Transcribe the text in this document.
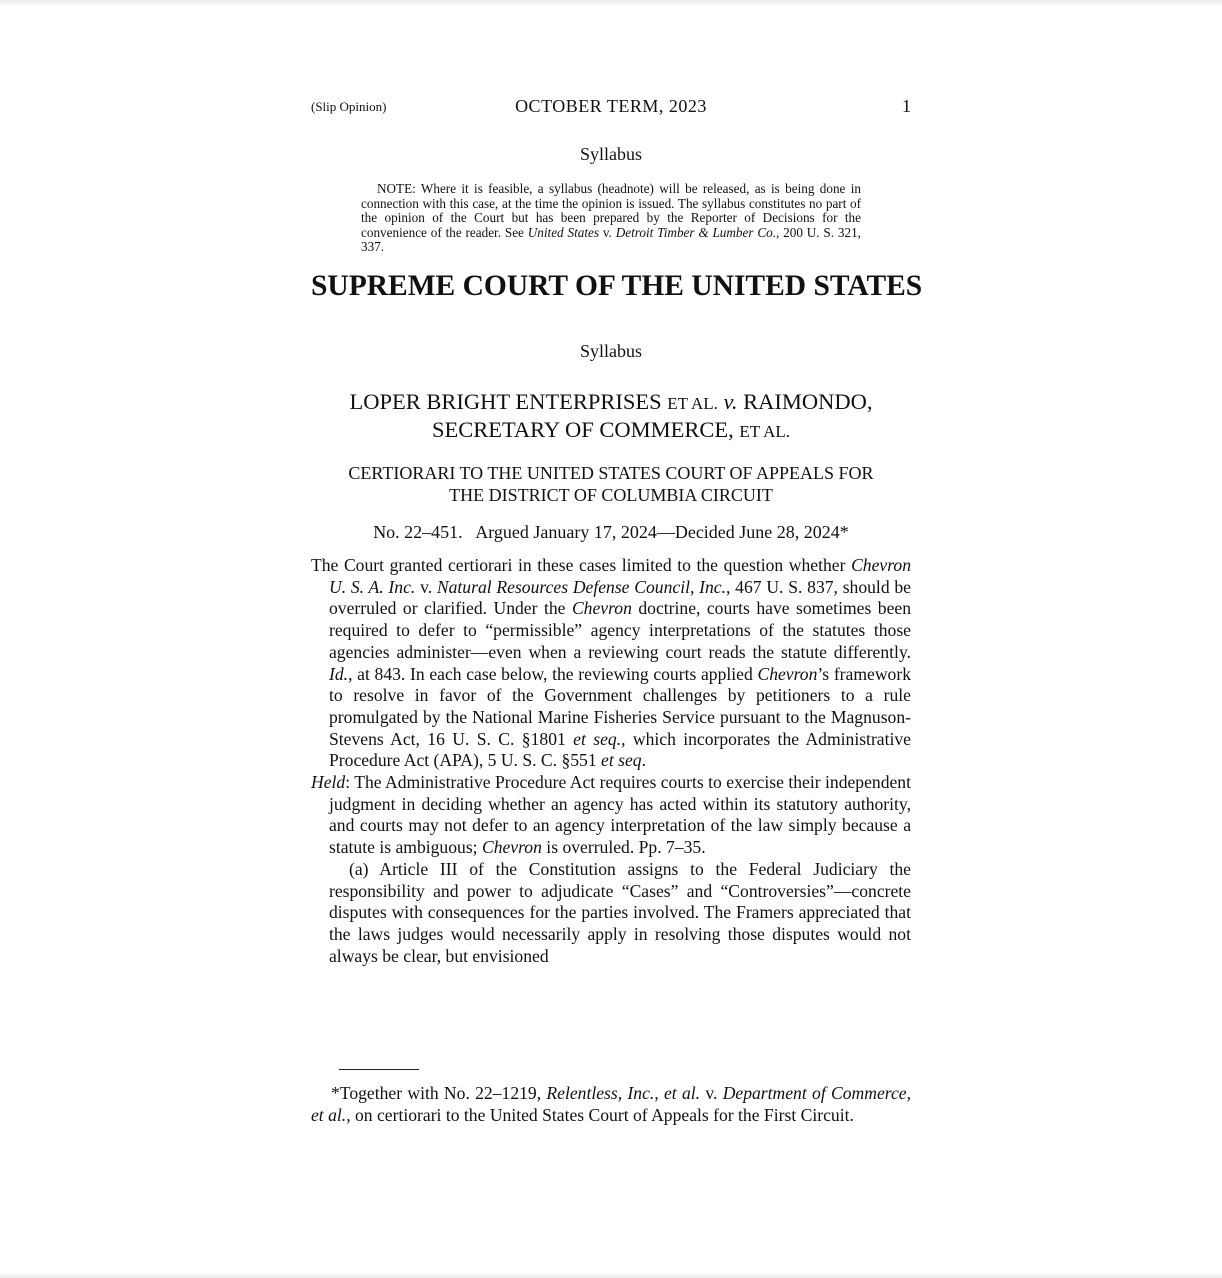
(Slip Opinion)	OCTOBER TERM, 2023	1
Syllabus
NOTE: Where it is feasible, a syllabus (headnote) will be released, as is being done in connection with this case, at the time the opinion is issued. The syllabus constitutes no part of the opinion of the Court but has been prepared by the Reporter of Decisions for the convenience of the reader. See United States v. Detroit Timber & Lumber Co., 200 U. S. 321, 337.
SUPREME COURT OF THE UNITED STATES
Syllabus
LOPER BRIGHT ENTERPRISES ET AL. v. RAIMONDO,
SECRETARY OF COMMERCE, ET AL.
CERTIORARI TO THE UNITED STATES COURT OF APPEALS FOR
THE DISTRICT OF COLUMBIA CIRCUIT
No. 22–451.   Argued January 17, 2024—Decided June 28, 2024*

The Court granted certiorari in these cases limited to the question whether Chevron U. S. A. Inc. v. Natural Resources Defense Council, Inc., 467 U. S. 837, should be overruled or clarified. Under the Chevron doctrine, courts have sometimes been required to defer to “permissible” agency interpretations of the statutes those agencies administer—even when a reviewing court reads the statute differently. Id., at 843. In each case below, the reviewing courts applied Chevron’s framework to resolve in favor of the Government challenges by petitioners to a rule promulgated by the National Marine Fisheries Service pursuant to the Magnuson-Stevens Act, 16 U. S. C. §1801 et seq., which incorporates the Administrative Procedure Act (APA), 5 U. S. C. §551 et seq.

Held: The Administrative Procedure Act requires courts to exercise their independent judgment in deciding whether an agency has acted within its statutory authority, and courts may not defer to an agency interpretation of the law simply because a statute is ambiguous; Chevron is overruled. Pp. 7–35.

(a) Article III of the Constitution assigns to the Federal Judiciary the responsibility and power to adjudicate “Cases” and “Controversies”—concrete disputes with consequences for the parties involved. The Framers appreciated that the laws judges would necessarily apply in resolving those disputes would not always be clear, but envisioned

*Together with No. 22–1219, Relentless, Inc., et al. v. Department of Commerce, et al., on certiorari to the United States Court of Appeals for the First Circuit.
